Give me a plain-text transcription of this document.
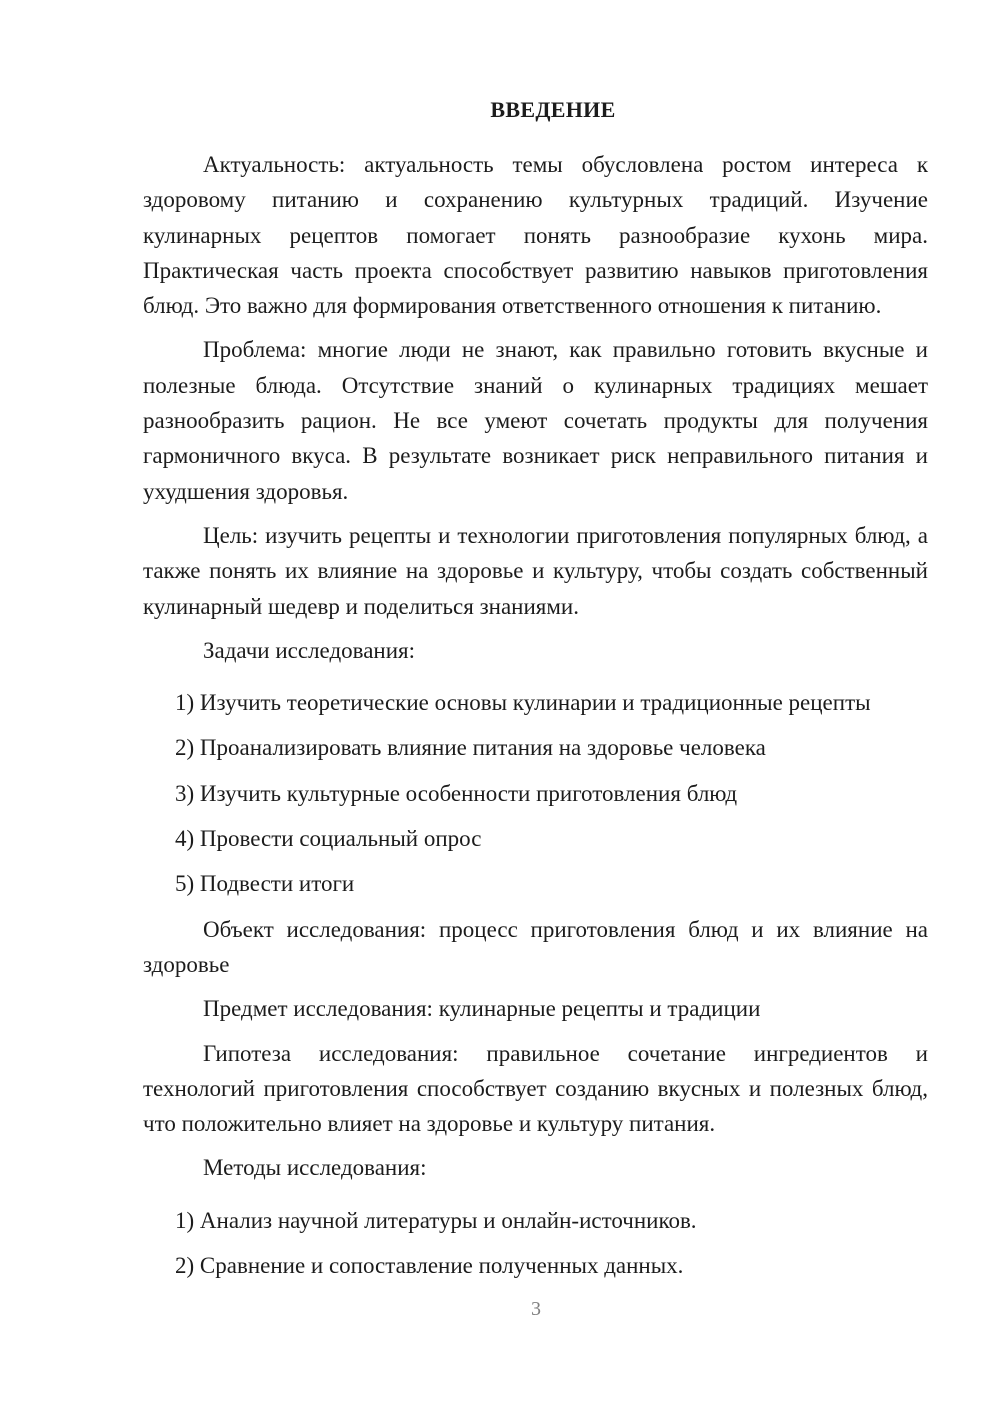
ВВЕДЕНИЕ

Актуальность: актуальность темы обусловлена ростом интереса к здоровому питанию и сохранению культурных традиций. Изучение кулинарных рецептов помогает понять разнообразие кухонь мира. Практическая часть проекта способствует развитию навыков приготовления блюд. Это важно для формирования ответственного отношения к питанию.

Проблема: многие люди не знают, как правильно готовить вкусные и полезные блюда. Отсутствие знаний о кулинарных традициях мешает разнообразить рацион. Не все умеют сочетать продукты для получения гармоничного вкуса. В результате возникает риск неправильного питания и ухудшения здоровья.

Цель: изучить рецепты и технологии приготовления популярных блюд, а также понять их влияние на здоровье и культуру, чтобы создать собственный кулинарный шедевр и поделиться знаниями.

Задачи исследования:

1) Изучить теоретические основы кулинарии и традиционные рецепты
2) Проанализировать влияние питания на здоровье человека
3) Изучить культурные особенности приготовления блюд
4) Провести социальный опрос
5) Подвести итоги

Объект исследования: процесс приготовления блюд и их влияние на здоровье

Предмет исследования: кулинарные рецепты и традиции

Гипотеза исследования: правильное сочетание ингредиентов и технологий приготовления способствует созданию вкусных и полезных блюд, что положительно влияет на здоровье и культуру питания.

Методы исследования:

1) Анализ научной литературы и онлайн-источников.
2) Сравнение и сопоставление полученных данных.
3
